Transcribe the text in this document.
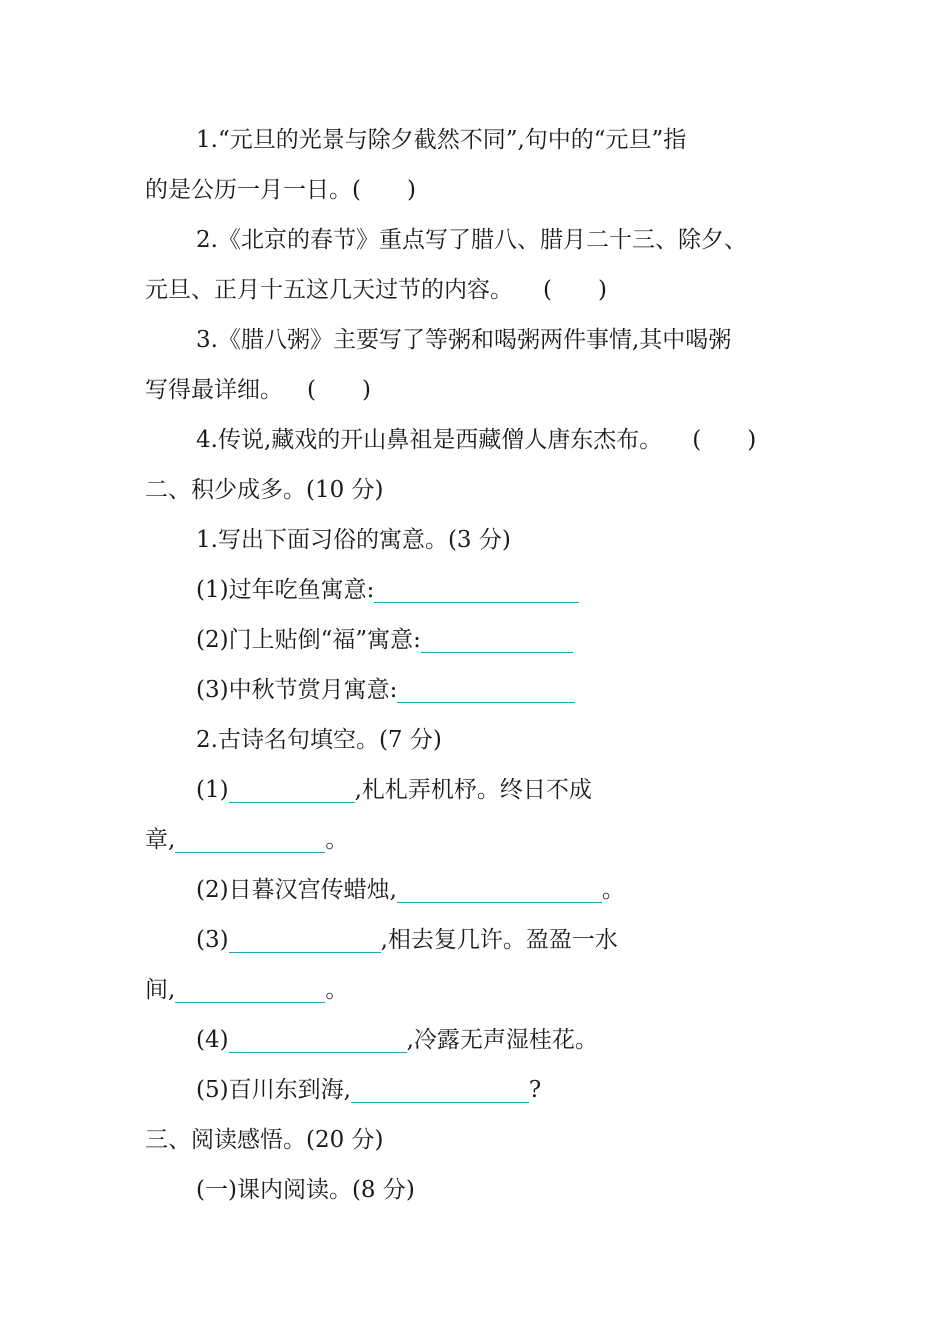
1.“元旦的光景与除夕截然不同”,句中的“元旦”指
的是公历一月一日。(　　)
2.《北京的春节》重点写了腊八、腊月二十三、除夕、
元旦、正月十五这几天过节的内容。 (　　)
3.《腊八粥》主要写了等粥和喝粥两件事情,其中喝粥
写得最详细。 (　　)
4.传说,藏戏的开山鼻祖是西藏僧人唐东杰布。 (　　)
二、积少成多。(10 分)
1.写出下面习俗的寓意。(3 分)
(1)过年吃鱼寓意:
(2)门上贴倒“福”寓意:
(3)中秋节赏月寓意:
2.古诗名句填空。(7 分)
(1)	,札札弄机杼。终日不成
章,	。
(2)日暮汉宫传蜡烛,	。
(3)	,相去复几许。盈盈一水
间,	。
(4)	,冷露无声湿桂花。
(5)百川东到海,	?
三、阅读感悟。(20 分)
(一)课内阅读。(8 分)
